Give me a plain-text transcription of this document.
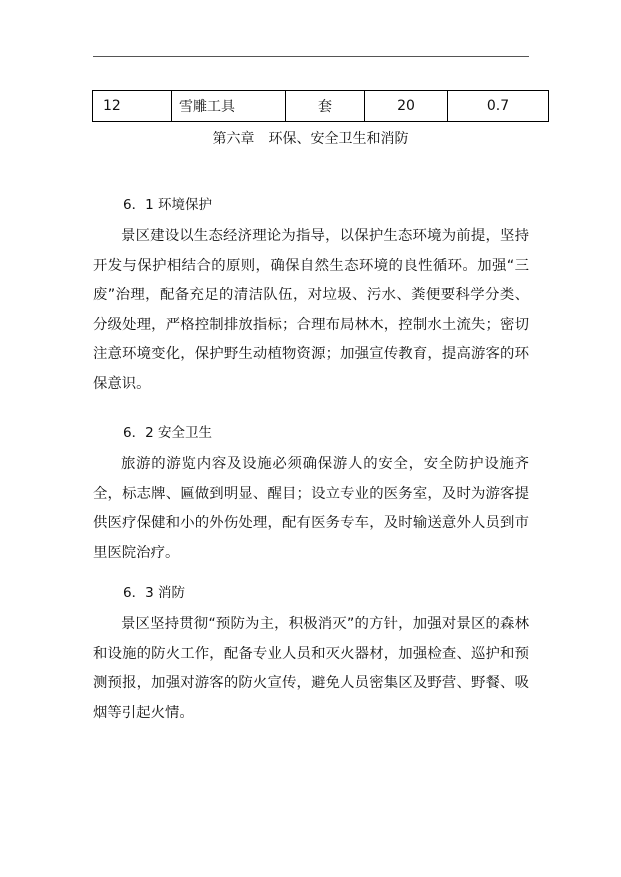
12	雪雕工具	套	20	0.7
第六章　环保、安全卫生和消防
6．1 环境保护

景区建设以生态经济理论为指导，以保护生态环境为前提，坚持开发与保护相结合的原则，确保自然生态环境的良性循环。加强“三废”治理，配备充足的清洁队伍，对垃圾、污水、粪便要科学分类、分级处理，严格控制排放指标；合理布局林木，控制水土流失；密切注意环境变化，保护野生动植物资源；加强宣传教育，提高游客的环保意识。

6．2 安全卫生

旅游的游览内容及设施必须确保游人的安全，安全防护设施齐全，标志牌、匾做到明显、醒目；设立专业的医务室，及时为游客提供医疗保健和小的外伤处理，配有医务专车，及时输送意外人员到市里医院治疗。

6．3 消防

景区坚持贯彻“预防为主，积极消灭”的方针，加强对景区的森林和设施的防火工作，配备专业人员和灭火器材，加强检查、巡护和预测预报，加强对游客的防火宣传，避免人员密集区及野营、野餐、吸烟等引起火情。
